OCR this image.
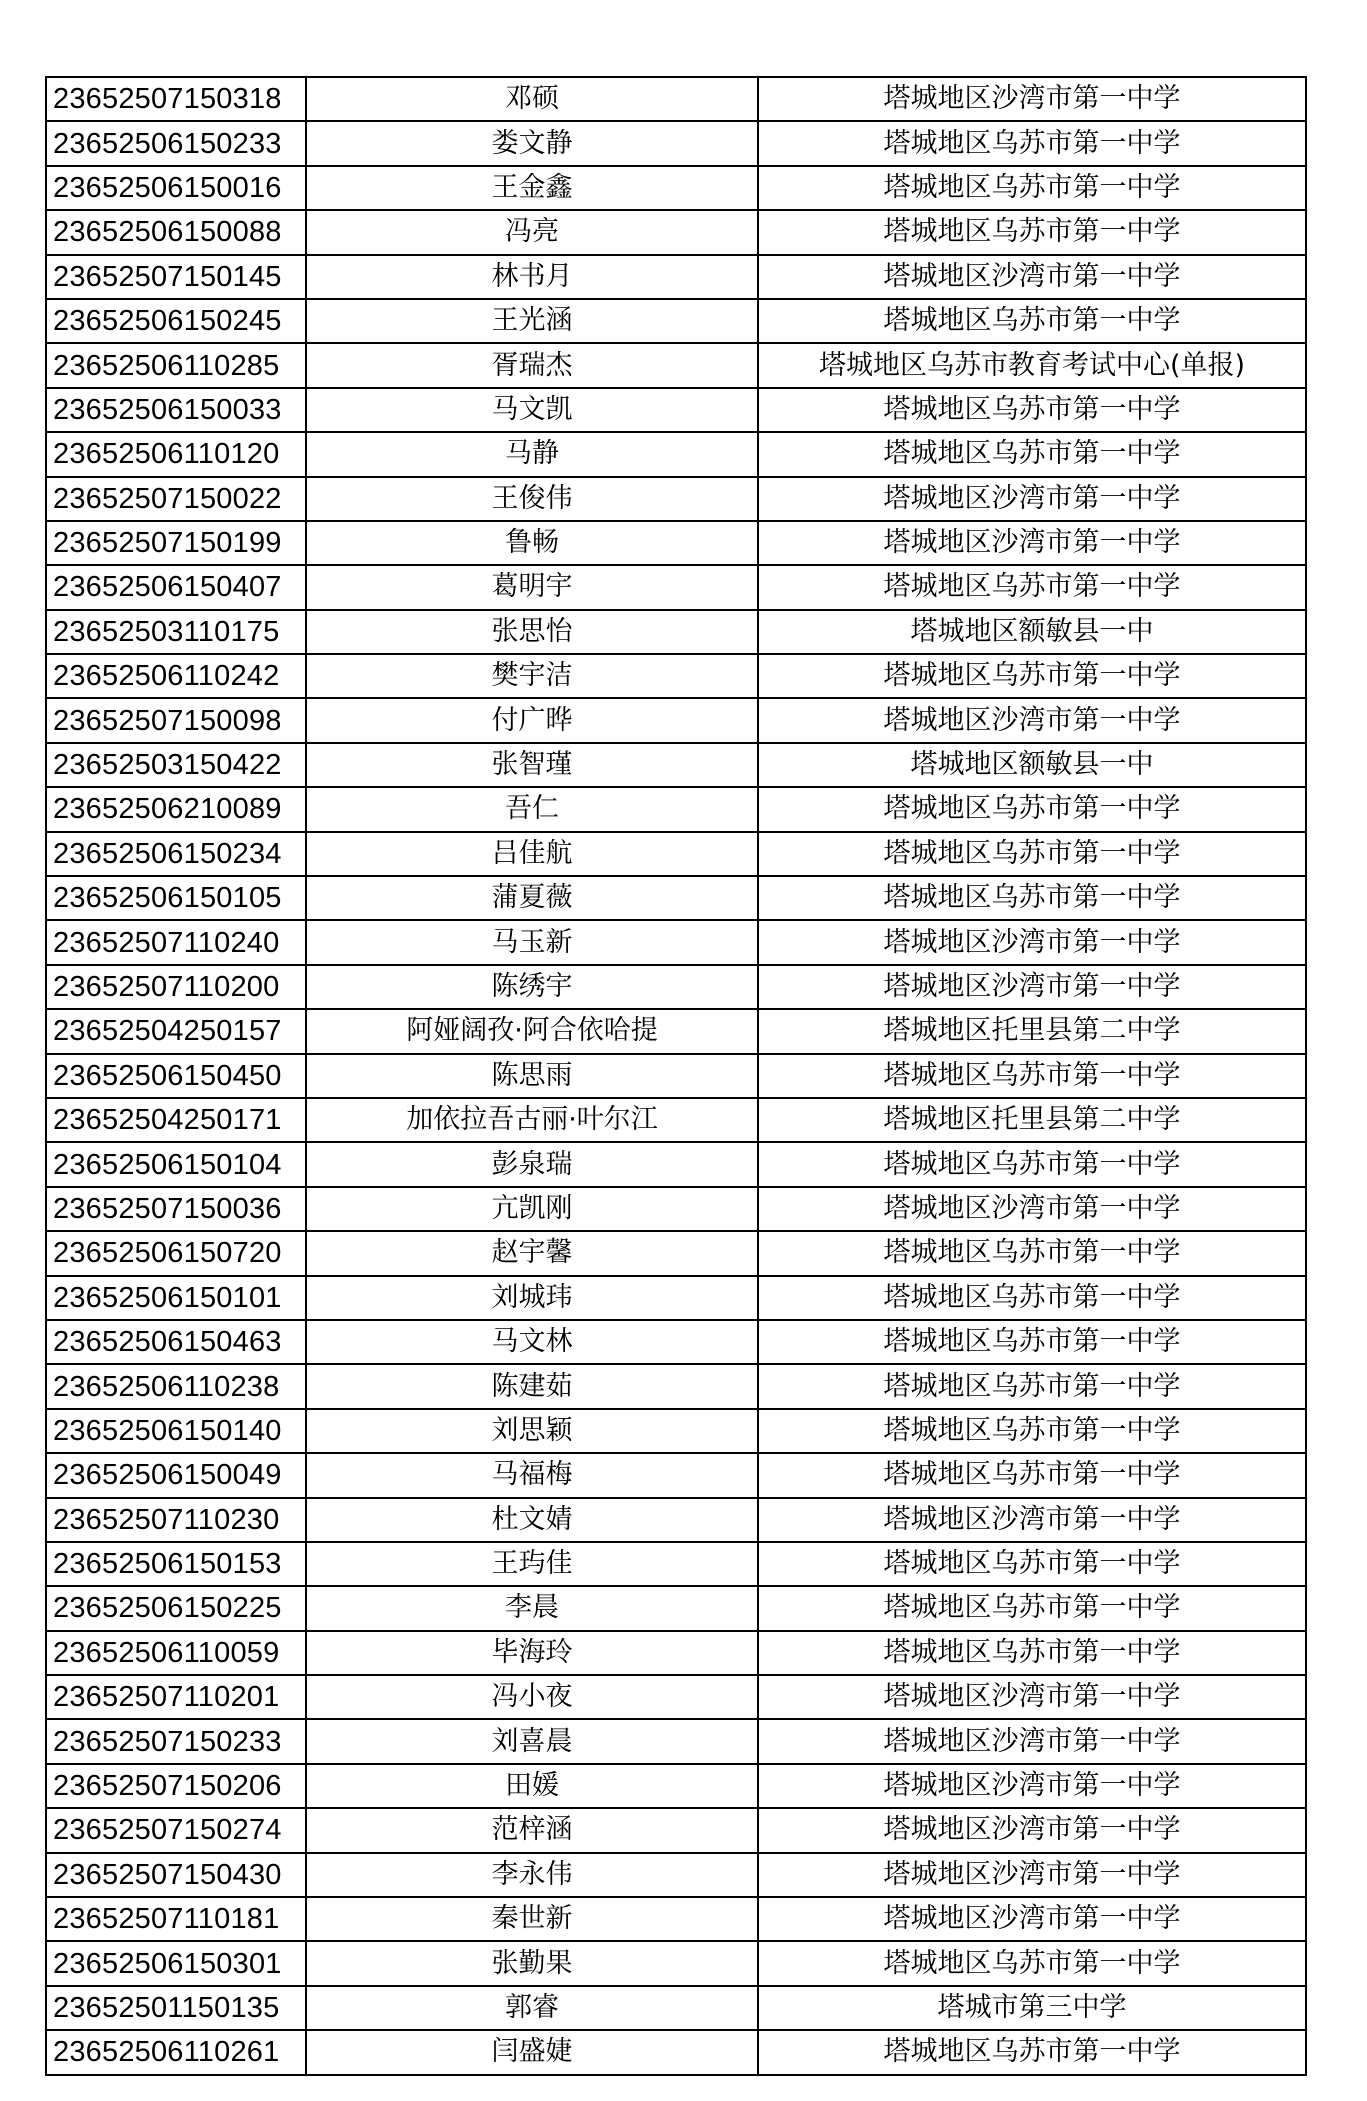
23652507150318	邓硕	塔城地区沙湾市第一中学
23652506150233	娄文静	塔城地区乌苏市第一中学
23652506150016	王金鑫	塔城地区乌苏市第一中学
23652506150088	冯亮	塔城地区乌苏市第一中学
23652507150145	林书月	塔城地区沙湾市第一中学
23652506150245	王光涵	塔城地区乌苏市第一中学
23652506110285	胥瑞杰	塔城地区乌苏市教育考试中心(单报)
23652506150033	马文凯	塔城地区乌苏市第一中学
23652506110120	马静	塔城地区乌苏市第一中学
23652507150022	王俊伟	塔城地区沙湾市第一中学
23652507150199	鲁畅	塔城地区沙湾市第一中学
23652506150407	葛明宇	塔城地区乌苏市第一中学
23652503110175	张思怡	塔城地区额敏县一中
23652506110242	樊宇洁	塔城地区乌苏市第一中学
23652507150098	付广晔	塔城地区沙湾市第一中学
23652503150422	张智瑾	塔城地区额敏县一中
23652506210089	吾仁	塔城地区乌苏市第一中学
23652506150234	吕佳航	塔城地区乌苏市第一中学
23652506150105	蒲夏薇	塔城地区乌苏市第一中学
23652507110240	马玉新	塔城地区沙湾市第一中学
23652507110200	陈绣宇	塔城地区沙湾市第一中学
23652504250157	阿娅阔孜·阿合依哈提	塔城地区托里县第二中学
23652506150450	陈思雨	塔城地区乌苏市第一中学
23652504250171	加依拉吾古丽·叶尔江	塔城地区托里县第二中学
23652506150104	彭泉瑞	塔城地区乌苏市第一中学
23652507150036	亢凯刚	塔城地区沙湾市第一中学
23652506150720	赵宇馨	塔城地区乌苏市第一中学
23652506150101	刘城玮	塔城地区乌苏市第一中学
23652506150463	马文林	塔城地区乌苏市第一中学
23652506110238	陈建茹	塔城地区乌苏市第一中学
23652506150140	刘思颖	塔城地区乌苏市第一中学
23652506150049	马福梅	塔城地区乌苏市第一中学
23652507110230	杜文婧	塔城地区沙湾市第一中学
23652506150153	王玙佳	塔城地区乌苏市第一中学
23652506150225	李晨	塔城地区乌苏市第一中学
23652506110059	毕海玲	塔城地区乌苏市第一中学
23652507110201	冯小夜	塔城地区沙湾市第一中学
23652507150233	刘喜晨	塔城地区沙湾市第一中学
23652507150206	田媛	塔城地区沙湾市第一中学
23652507150274	范梓涵	塔城地区沙湾市第一中学
23652507150430	李永伟	塔城地区沙湾市第一中学
23652507110181	秦世新	塔城地区沙湾市第一中学
23652506150301	张勤果	塔城地区乌苏市第一中学
23652501150135	郭睿	塔城市第三中学
23652506110261	闫盛婕	塔城地区乌苏市第一中学
